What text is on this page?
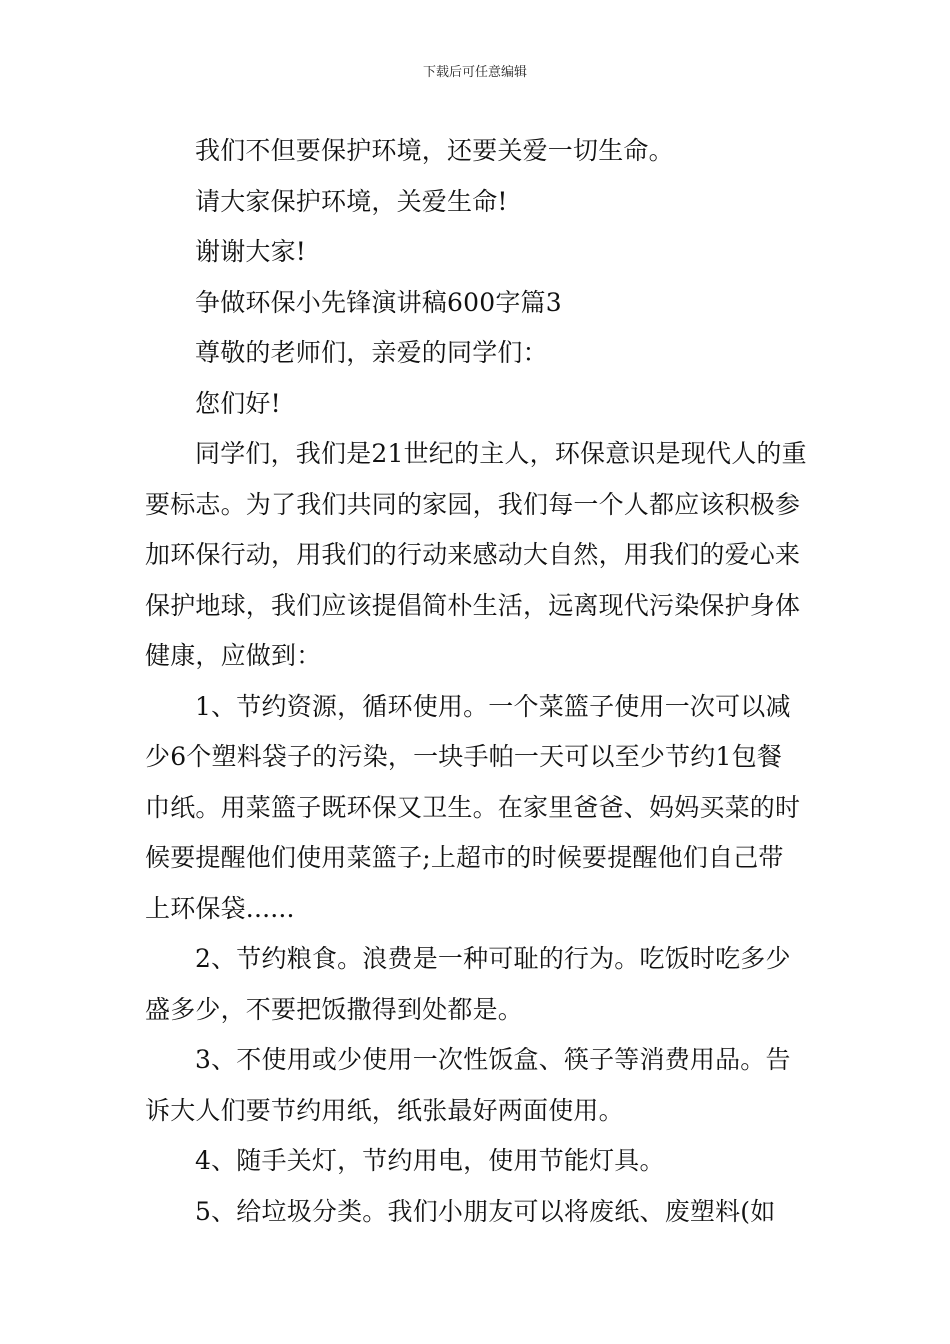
下载后可任意编辑

我们不但要保护环境，还要关爱一切生命。

请大家保护环境，关爱生命!

谢谢大家!

争做环保小先锋演讲稿600字篇3

尊敬的老师们，亲爱的同学们：

您们好!

同学们，我们是21世纪的主人，环保意识是现代人的重要标志。为了我们共同的家园，我们每一个人都应该积极参加环保行动，用我们的行动来感动大自然，用我们的爱心来保护地球，我们应该提倡简朴生活，远离现代污染保护身体健康，应做到：

1、节约资源，循环使用。一个菜篮子使用一次可以减少6个塑料袋子的污染，一块手帕一天可以至少节约1包餐巾纸。用菜篮子既环保又卫生。在家里爸爸、妈妈买菜的时候要提醒他们使用菜篮子;上超市的时候要提醒他们自己带上环保袋......

2、节约粮食。浪费是一种可耻的行为。吃饭时吃多少盛多少，不要把饭撒得到处都是。

3、不使用或少使用一次性饭盒、筷子等消费用品。告诉大人们要节约用纸，纸张最好两面使用。

4、随手关灯，节约用电，使用节能灯具。

5、给垃圾分类。我们小朋友可以将废纸、废塑料(如
